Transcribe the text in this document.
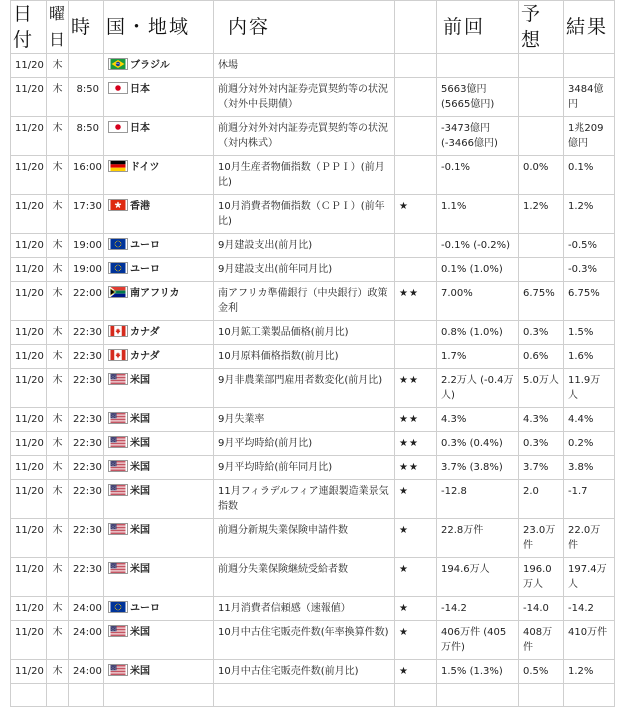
日付	曜日	時	国・地域	内容		前回	予想	結果
11/20	木		ブラジル	休場				
11/20	木	8:50	日本	前週分対外対内証券売買契約等の状況（対外中長期債）		5663億円 (5665億円)		3484億円
11/20	木	8:50	日本	前週分対外対内証券売買契約等の状況（対内株式）		-3473億円 (-3466億円)		1兆209億円
11/20	木	16:00	ドイツ	10月生産者物価指数（ＰＰＩ）(前月比)		-0.1%	0.0%	0.1%
11/20	木	17:30	香港	10月消費者物価指数（ＣＰＩ）(前年比)	★	1.1%	1.2%	1.2%
11/20	木	19:00	ユーロ	9月建設支出(前月比)		-0.1% (-0.2%)		-0.5%
11/20	木	19:00	ユーロ	9月建設支出(前年同月比)		0.1% (1.0%)		-0.3%
11/20	木	22:00	南アフリカ	南アフリカ準備銀行（中央銀行）政策金利	★★	7.00%	6.75%	6.75%
11/20	木	22:30	カナダ	10月鉱工業製品価格(前月比)		0.8% (1.0%)	0.3%	1.5%
11/20	木	22:30	カナダ	10月原料価格指数(前月比)		1.7%	0.6%	1.6%
11/20	木	22:30	米国	9月非農業部門雇用者数変化(前月比)	★★	2.2万人 (-0.4万人)	5.0万人	11.9万人
11/20	木	22:30	米国	9月失業率	★★	4.3%	4.3%	4.4%
11/20	木	22:30	米国	9月平均時給(前月比)	★★	0.3% (0.4%)	0.3%	0.2%
11/20	木	22:30	米国	9月平均時給(前年同月比)	★★	3.7% (3.8%)	3.7%	3.8%
11/20	木	22:30	米国	11月フィラデルフィア連銀製造業景気指数	★	-12.8	2.0	-1.7
11/20	木	22:30	米国	前週分新規失業保険申請件数	★	22.8万件	23.0万件	22.0万件
11/20	木	22:30	米国	前週分失業保険継続受給者数	★	194.6万人	196.0万人	197.4万人
11/20	木	24:00	ユーロ	11月消費者信頼感（速報値）	★	-14.2	-14.0	-14.2
11/20	木	24:00	米国	10月中古住宅販売件数(年率換算件数)	★	406万件 (405万件)	408万件	410万件
11/20	木	24:00	米国	10月中古住宅販売件数(前月比)	★	1.5% (1.3%)	0.5%	1.2%
